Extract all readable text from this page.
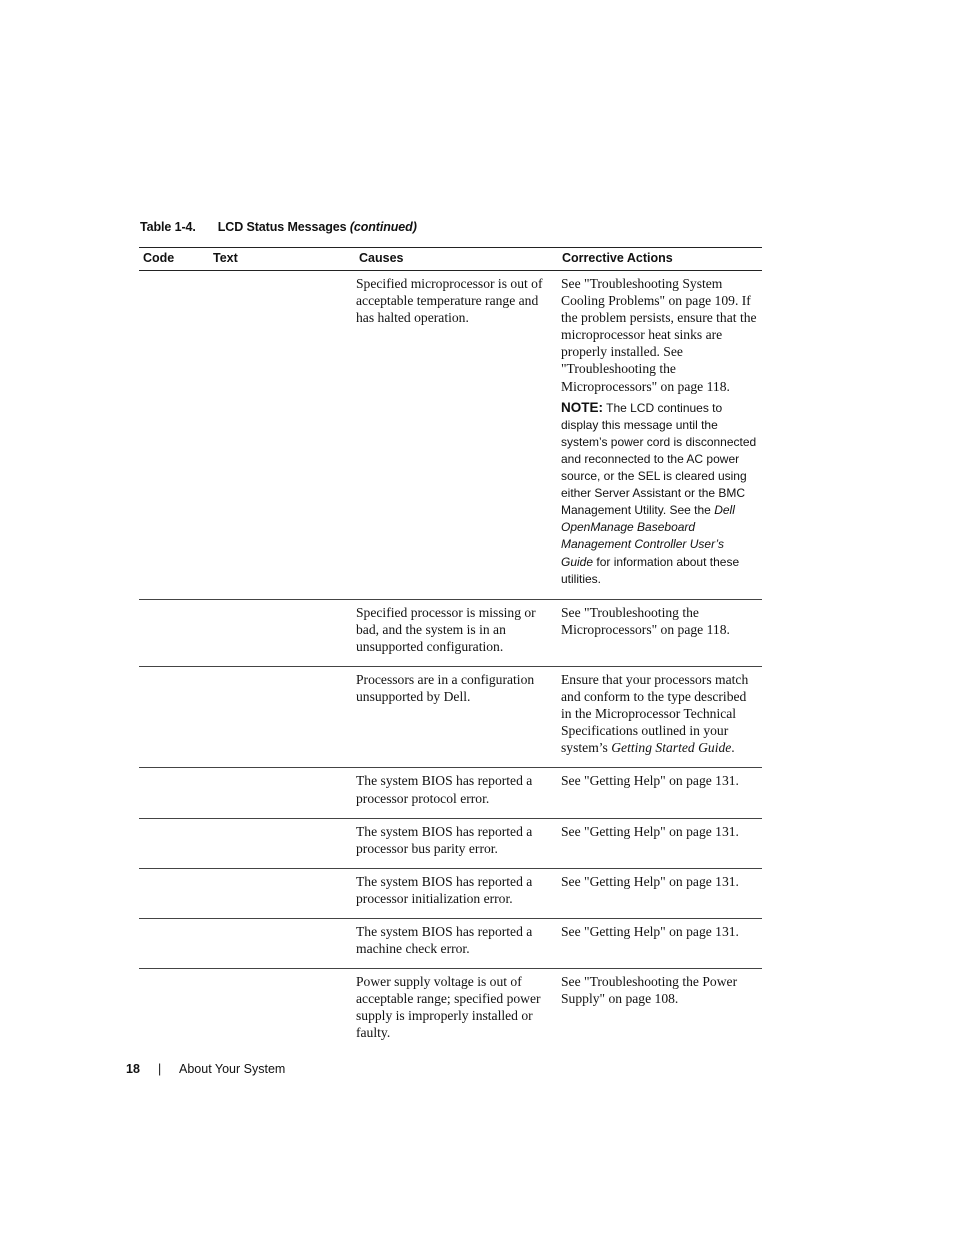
Table 1-4. LCD Status Messages (continued)
Code	Text	Causes	Corrective Actions
		Specified microprocessor is out of acceptable temperature range and has halted operation.	See "Troubleshooting System Cooling Problems" on page 109. If the problem persists, ensure that the microprocessor heat sinks are properly installed. See "Troubleshooting the Microprocessors" on page 118.
NOTE: The LCD continues to display this message until the system’s power cord is disconnected and reconnected to the AC power source, or the SEL is cleared using either Server Assistant or the BMC Management Utility. See the Dell OpenManage Baseboard Management Controller User’s Guide for information about these utilities.

		Specified processor is missing or bad, and the system is in an unsupported configuration.	See "Troubleshooting the Microprocessors" on page 118.
		Processors are in a configuration unsupported by Dell.	Ensure that your processors match and conform to the type described in the Microprocessor Technical Specifications outlined in your system’s Getting Started Guide.
		The system BIOS has reported a processor protocol error.	See "Getting Help" on page 131.
		The system BIOS has reported a processor bus parity error.	See "Getting Help" on page 131.
		The system BIOS has reported a processor initialization error.	See "Getting Help" on page 131.
		The system BIOS has reported a machine check error.	See "Getting Help" on page 131.
		Power supply voltage is out of acceptable range; specified power supply is improperly installed or faulty.	See "Troubleshooting the Power Supply" on page 108.
18 | About Your System
